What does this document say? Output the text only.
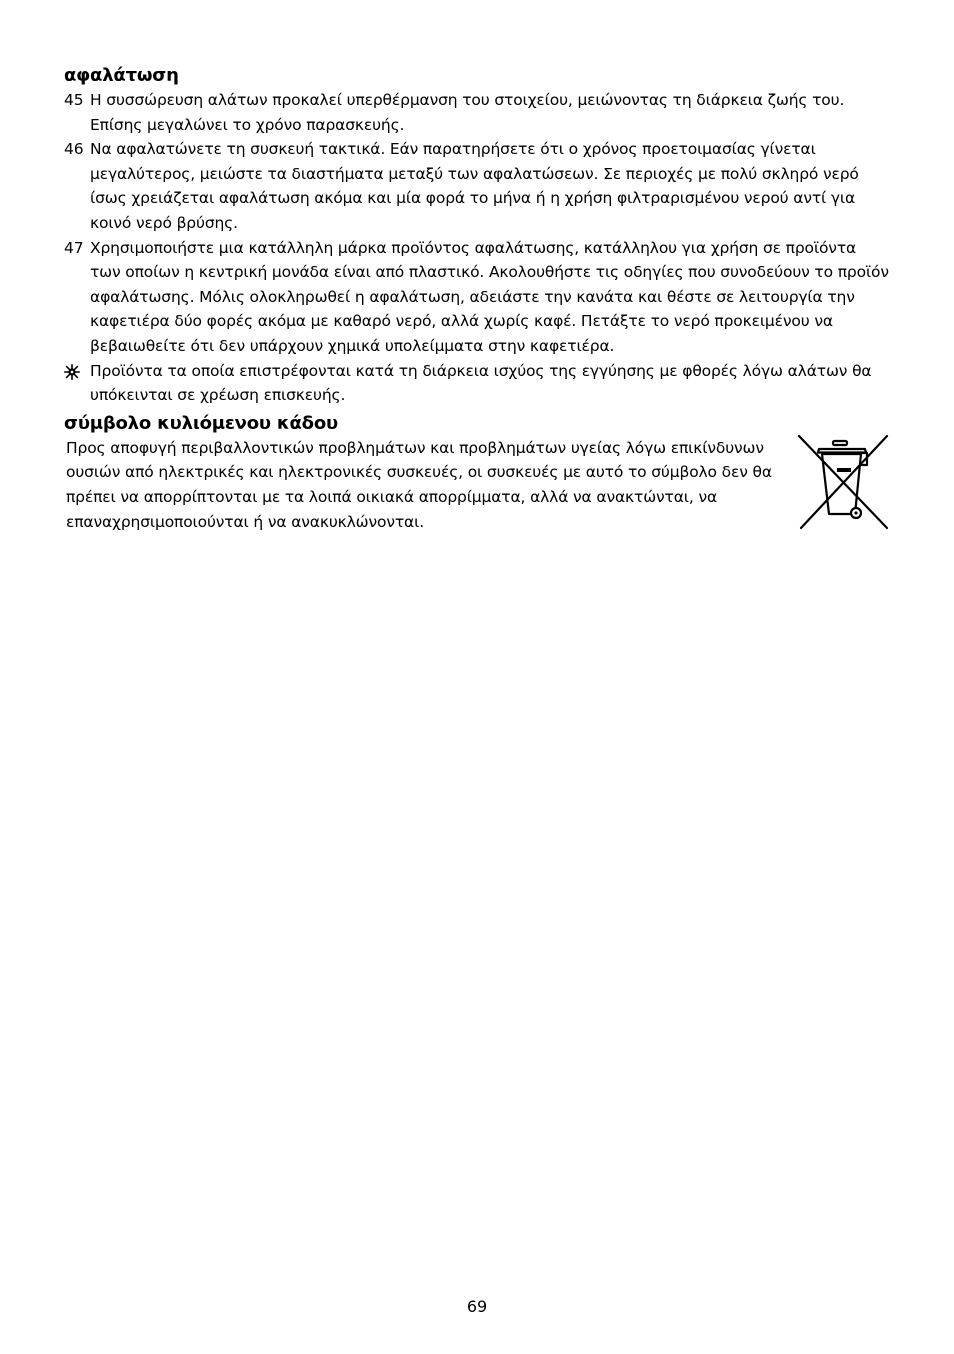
αφαλάτωση
45 Η συσσώρευση αλάτων προκαλεί υπερθέρμανση του στοιχείου, μειώνοντας τη διάρκεια ζωής του. Επίσης μεγαλώνει το χρόνο παρασκευής.
46 Να αφαλατώνετε τη συσκευή τακτικά. Εάν παρατηρήσετε ότι ο χρόνος προετοιμασίας γίνεται μεγαλύτερος, μειώστε τα διαστήματα μεταξύ των αφαλατώσεων. Σε περιοχές με πολύ σκληρό νερό ίσως χρειάζεται αφαλάτωση ακόμα και μία φορά το μήνα ή η χρήση φιλτραρισμένου νερού αντί για κοινό νερό βρύσης.
47 Χρησιμοποιήστε μια κατάλληλη μάρκα προϊόντος αφαλάτωσης, κατάλληλου για χρήση σε προϊόντα των οποίων η κεντρική μονάδα είναι από πλαστικό. Ακολουθήστε τις οδηγίες που συνοδεύουν το προϊόν αφαλάτωσης. Μόλις ολοκληρωθεί η αφαλάτωση, αδειάστε την κανάτα και θέστε σε λειτουργία την καφετιέρα δύο φορές ακόμα με καθαρό νερό, αλλά χωρίς καφέ. Πετάξτε το νερό προκειμένου να βεβαιωθείτε ότι δεν υπάρχουν χημικά υπολείμματα στην καφετιέρα.
Προϊόντα τα οποία επιστρέφονται κατά τη διάρκεια ισχύος της εγγύησης με φθορές λόγω αλάτων θα υπόκεινται σε χρέωση επισκευής.
σύμβολο κυλιόμενου κάδου
Προς αποφυγή περιβαλλοντικών προβλημάτων και προβλημάτων υγείας λόγω επικίνδυνων ουσιών από ηλεκτρικές και ηλεκτρονικές συσκευές, οι συσκευές με αυτό το σύμβολο δεν θα πρέπει να απορρίπτονται με τα λοιπά οικιακά απορρίμματα, αλλά να ανακτώνται, να επαναχρησιμοποιούνται ή να ανακυκλώνονται.
69
